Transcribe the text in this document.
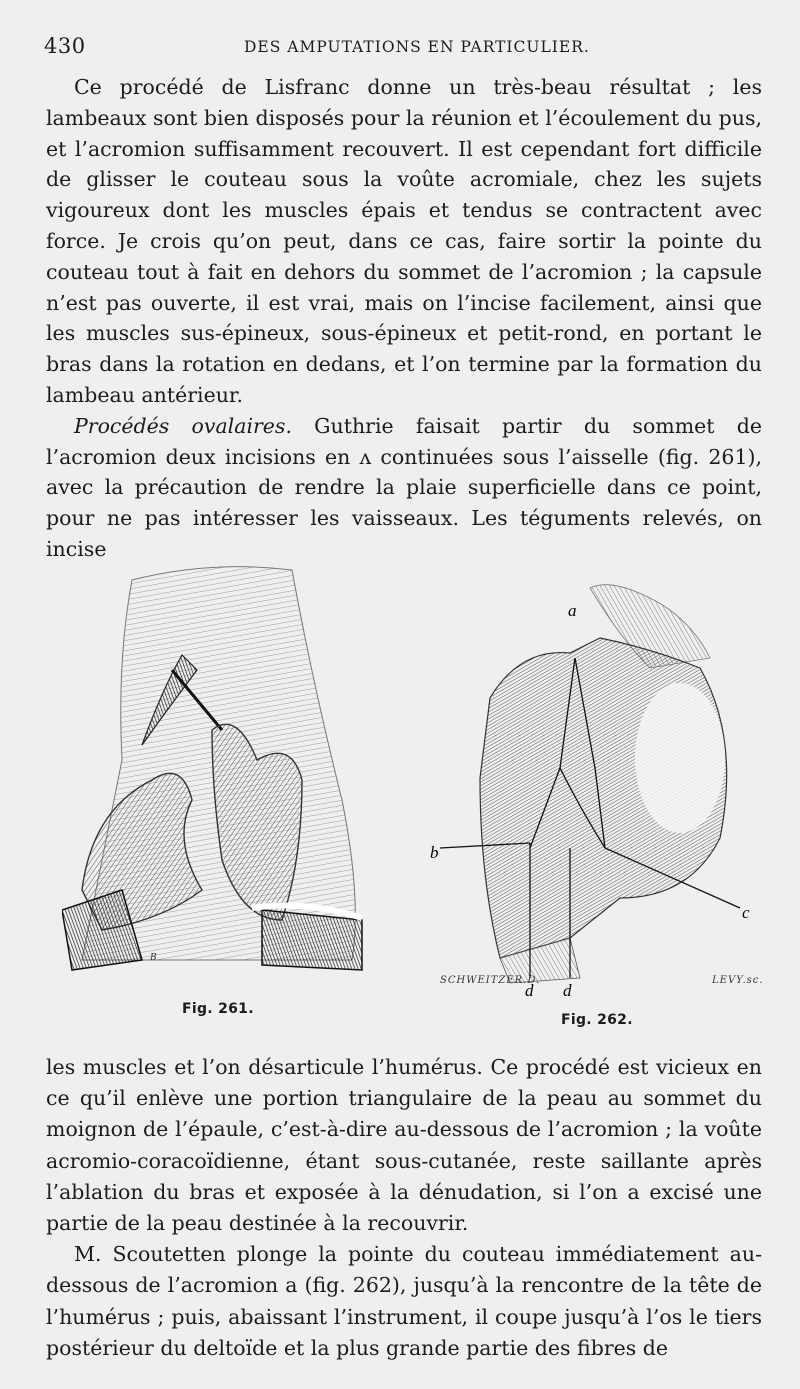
430	DES AMPUTATIONS EN PARTICULIER.

Ce procédé de Lisfranc donne un très-beau résultat ; les lambeaux sont bien disposés pour la réunion et l’écoulement du pus, et l’acromion suffisamment recouvert. Il est cependant fort difficile de glisser le couteau sous la voûte acromiale, chez les sujets vigoureux dont les muscles épais et tendus se contractent avec force. Je crois qu’on peut, dans ce cas, faire sortir la pointe du couteau tout à fait en dehors du sommet de l’acromion ; la capsule n’est pas ouverte, il est vrai, mais on l’incise facilement, ainsi que les muscles sus-épineux, sous-épineux et petit-rond, en portant le bras dans la rotation en dedans, et l’on termine par la formation du lambeau antérieur.

Procédés ovalaires. Guthrie faisait partir du sommet de l’acromion deux incisions en ʌ continuées sous l’aisselle (fig. 261), avec la précaution de rendre la plaie superficielle dans ce point, pour ne pas intéresser les vaisseaux. Les téguments relevés, on incise

B
Fig. 261.
a
b
c
d d
SCHWEITZER.D.	LEVY.sc.
Fig. 262.

les muscles et l’on désarticule l’humérus. Ce procédé est vicieux en ce qu’il enlève une portion triangulaire de la peau au sommet du moignon de l’épaule, c’est-à-dire au-dessous de l’acromion ; la voûte acromio-coracoïdienne, étant sous-cutanée, reste saillante après l’ablation du bras et exposée à la dénudation, si l’on a excisé une partie de la peau destinée à la recouvrir.

M. Scoutetten plonge la pointe du couteau immédiatement au-dessous de l’acromion a (fig. 262), jusqu’à la rencontre de la tête de l’humérus ; puis, abaissant l’instrument, il coupe jusqu’à l’os le tiers postérieur du deltoïde et la plus grande partie des fibres de
